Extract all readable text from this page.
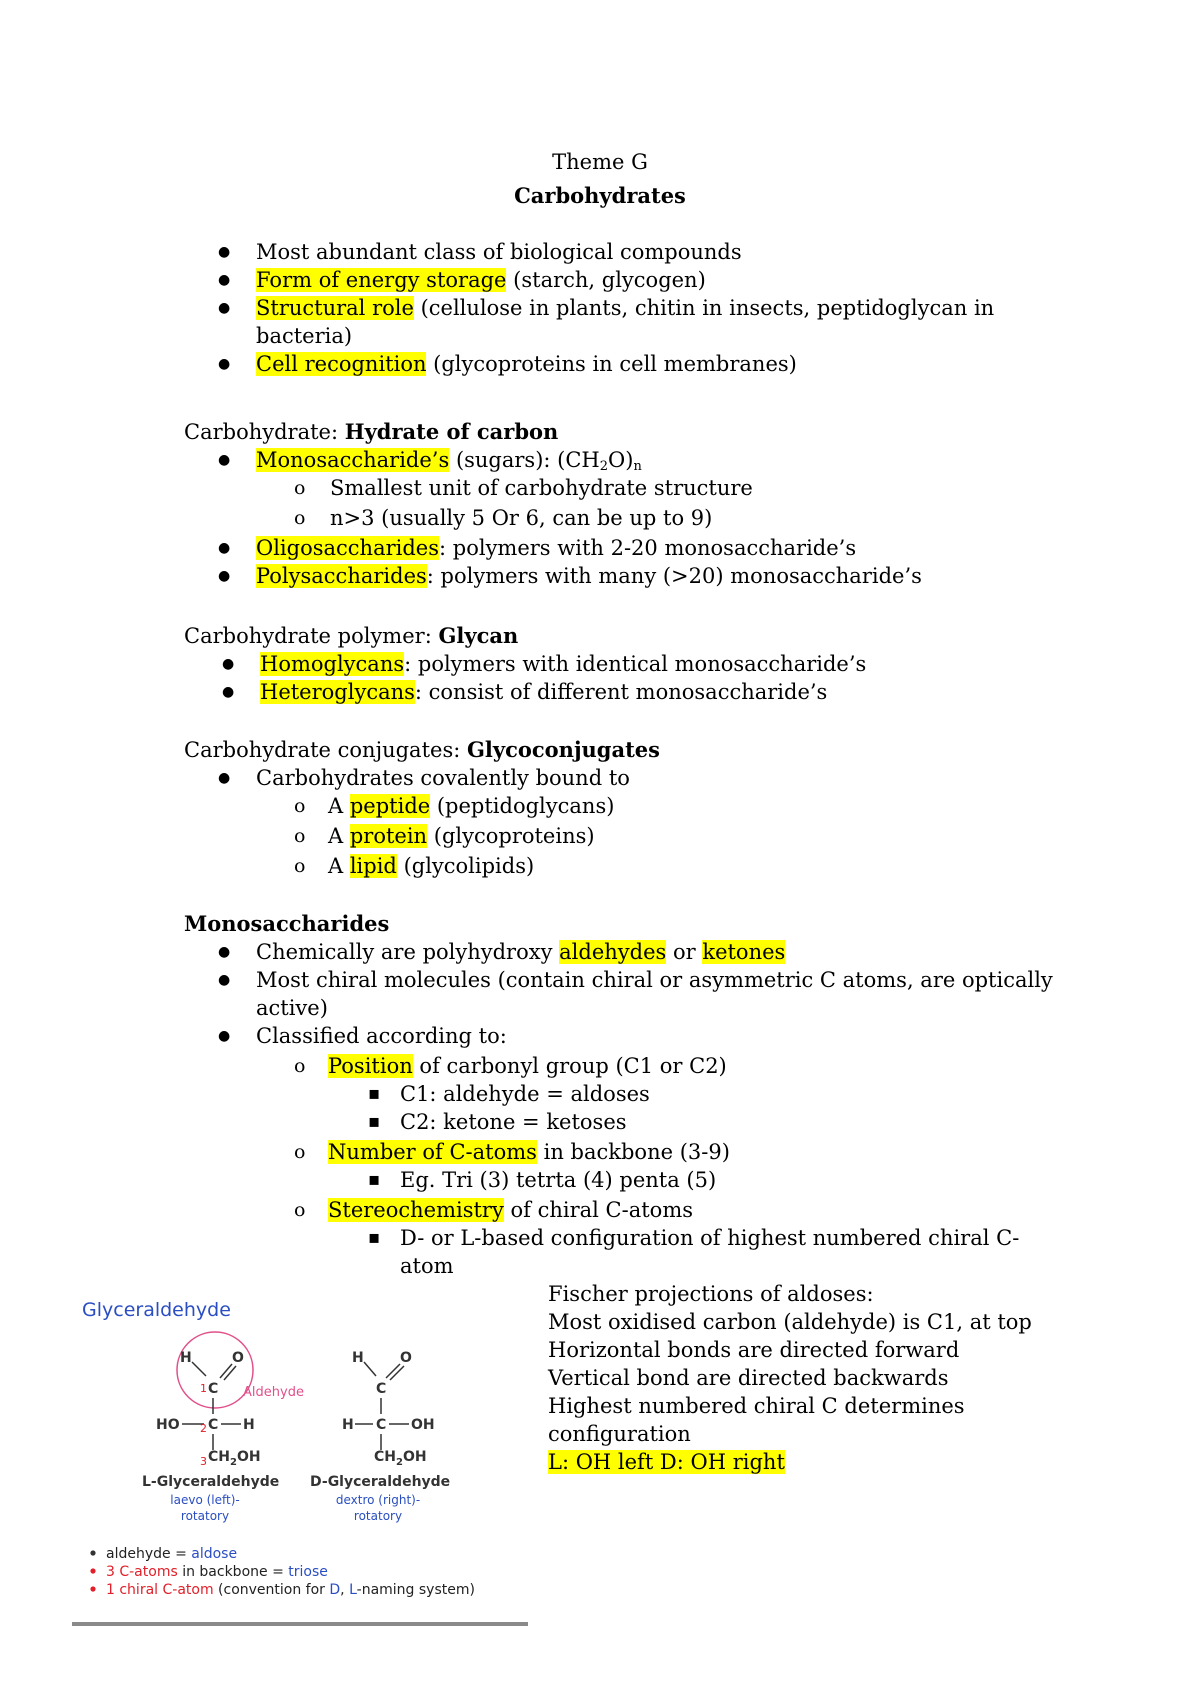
Theme G
Carbohydrates
●
Most abundant class of biological compounds
●
Form of energy storage (starch, glycogen)
●
Structural role (cellulose in plants, chitin in insects, peptidoglycan in
bacteria)
●
Cell recognition (glycoproteins in cell membranes)
Carbohydrate: Hydrate of carbon
●
Monosaccharide’s (sugars): $(CH_2O)_n$
o
Smallest unit of carbohydrate structure
o
n>3 (usually 5 Or 6, can be up to 9)
●
Oligosaccharides: polymers with 2-20 monosaccharide’s
●
Polysaccharides: polymers with many (>20) monosaccharide’s
Carbohydrate polymer: Glycan
●
Homoglycans: polymers with identical monosaccharide’s
●
Heteroglycans: consist of different monosaccharide’s
Carbohydrate conjugates: Glycoconjugates
●
Carbohydrates covalently bound to
o
A peptide (peptidoglycans)
o
A protein (glycoproteins)
o
A lipid (glycolipids)
Monosaccharides
●
Chemically are polyhydroxy aldehydes or ketones
●
Most chiral molecules (contain chiral or asymmetric C atoms, are optically
active)
●
Classified according to:
o
Position of carbonyl group (C1 or C2)
▪
C1: aldehyde = aldoses
▪
C2: ketone = ketoses
o
Number of C-atoms in backbone (3-9)
▪
Eg. Tri (3) tetrta (4) penta (5)
o
Stereochemistry of chiral C-atoms
▪
D- or L-based configuration of highest numbered chiral C-
atom
Fischer projections of aldoses:
Most oxidised carbon (aldehyde) is C1, at top
Horizontal bonds are directed forward
Vertical bond are directed backwards
Highest numbered chiral C determines
configuration
L: OH left D: OH right
Glyceraldehyde
H	O
1 C Aldehyde
HO 2 C H
3 $CH_2OH$
L-Glyceraldehyde
laevo (left)-
rotatory
H	O
C
H C OH
$CH_2OH$
D-Glyceraldehyde
dextro (right)-
rotatory
aldehyde = aldose
3 C-atoms in backbone = triose
1 chiral C-atom (convention for D, L-naming system)
